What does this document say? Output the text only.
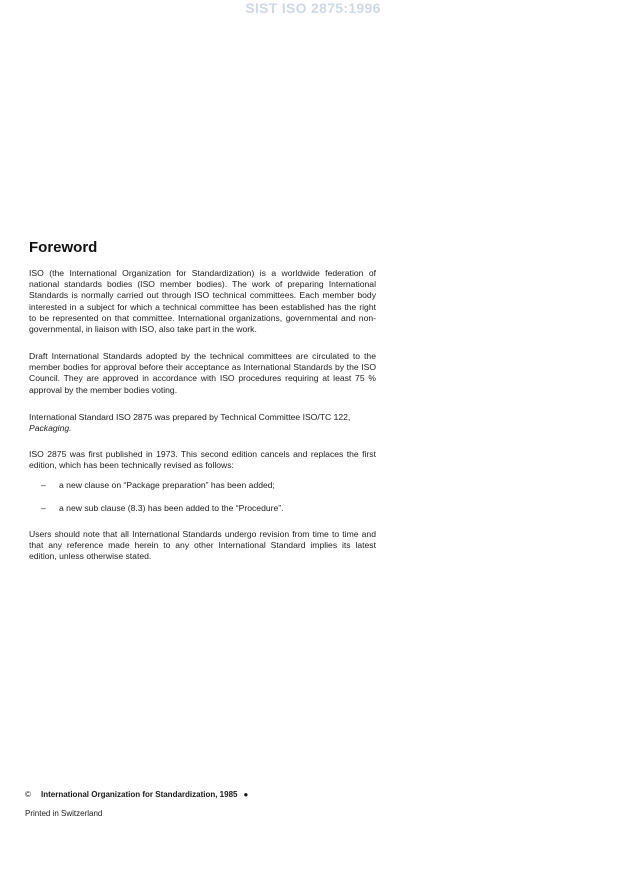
SIST ISO 2875:1996
Foreword

ISO (the International Organization for Standardization) is a worldwide federation of national standards bodies (ISO member bodies). The work of preparing International Standards is normally carried out through ISO technical committees. Each member body interested in a subject for which a technical committee has been established has the right to be represented on that committee. International organizations, governmental and non-governmental, in liaison with ISO, also take part in the work.

Draft International Standards adopted by the technical committees are circulated to the member bodies for approval before their acceptance as International Standards by the ISO Council. They are approved in accordance with ISO procedures requiring at least 75 % approval by the member bodies voting.

International Standard ISO 2875 was prepared by Technical Committee ISO/TC 122,
Packaging.

ISO 2875 was first published in 1973. This second edition cancels and replaces the first edition, which has been technically revised as follows:

– a new clause on “Package preparation” has been added;
– a new sub clause (8.3) has been added to the “Procedure”.

Users should note that all International Standards undergo revision from time to time and that any reference made herein to any other International Standard implies its latest edition, unless otherwise stated.

© International Organization for Standardization, 1985 ●
Printed in Switzerland
